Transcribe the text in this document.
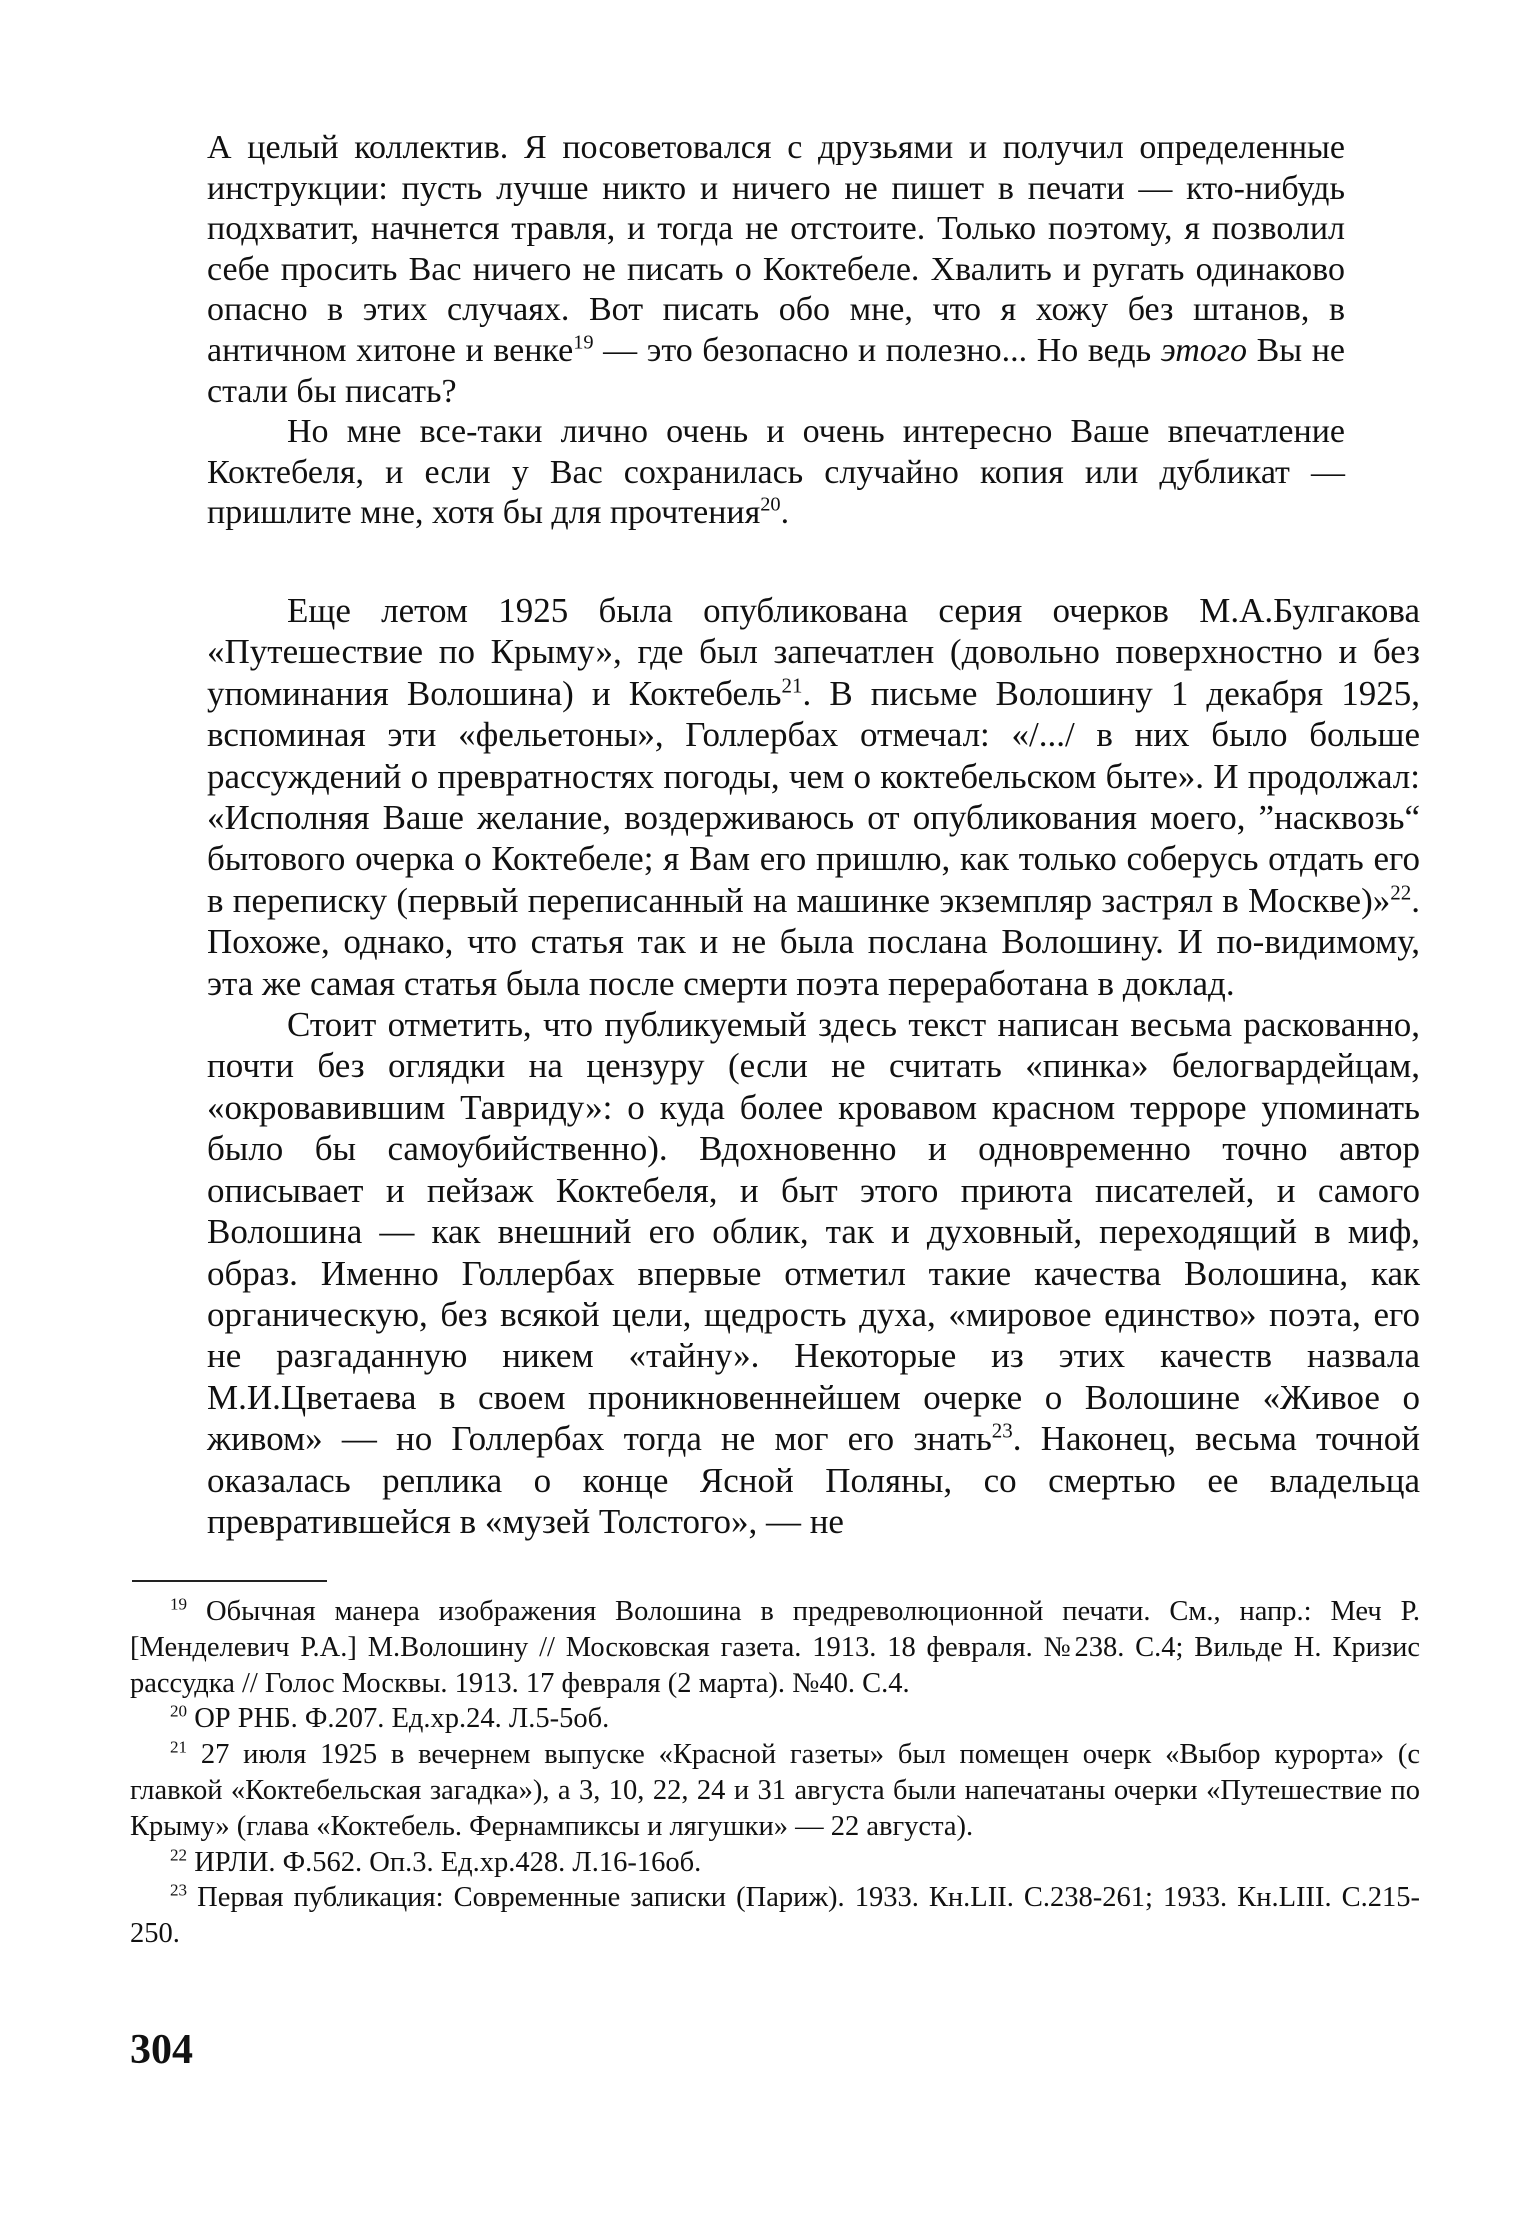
А целый коллектив. Я посоветовался с друзьями и получил определенные инструкции: пусть лучше никто и ничего не пишет в печати — кто-нибудь подхватит, начнется травля, и тогда не отстоите. Только поэтому, я позволил себе просить Вас ничего не писать о Коктебеле. Хвалить и ругать одинаково опасно в этих случаях. Вот писать обо мне, что я хожу без штанов, в античном хитоне и венке$^{19}$ — это безопасно и полезно... Но ведь этого Вы не стали бы писать?

Но мне все-таки лично очень и очень интересно Ваше впечатление Коктебеля, и если у Вас сохранилась случайно копия или дубликат — пришлите мне, хотя бы для прочтения$^{20}$.

Еще летом 1925 была опубликована серия очерков М.А.Булгакова «Путешествие по Крыму», где был запечатлен (довольно поверхностно и без упоминания Волошина) и Коктебель$^{21}$. В письме Волошину 1 декабря 1925, вспоминая эти «фельетоны», Голлербах отмечал: «/.../ в них было больше рассуждений о превратностях погоды, чем о коктебельском быте». И продолжал: «Исполняя Ваше желание, воздерживаюсь от опубликования моего, ”насквозь“ бытового очерка о Коктебеле; я Вам его пришлю, как только соберусь отдать его в переписку (первый переписанный на машинке экземпляр застрял в Москве)»$^{22}$. Похоже, однако, что статья так и не была послана Волошину. И по-видимому, эта же самая статья была после смерти поэта переработана в доклад.

Стоит отметить, что публикуемый здесь текст написан весьма раскованно, почти без оглядки на цензуру (если не считать «пинка» белогвардейцам, «окровавившим Тавриду»: о куда более кровавом красном терроре упоминать было бы самоубийственно). Вдохновенно и одновременно точно автор описывает и пейзаж Коктебеля, и быт этого приюта писателей, и самого Волошина — как внешний его облик, так и духовный, переходящий в миф, образ. Именно Голлербах впервые отметил такие качества Волошина, как органическую, без всякой цели, щедрость духа, «мировое единство» поэта, его не разгаданную никем «тайну». Некоторые из этих качеств назвала М.И.Цветаева в своем проникновеннейшем очерке о Волошине «Живое о живом» — но Голлербах тогда не мог его знать$^{23}$. Наконец, весьма точной оказалась реплика о конце Ясной Поляны, со смертью ее владельца превратившейся в «музей Толстого», — не

$^{19}$ Обычная манера изображения Волошина в предреволюционной печати. См., напр.: Меч Р. [Менделевич Р.А.] М.Волошину // Московская газета. 1913. 18 февраля. №238. С.4; Вильде Н. Кризис рассудка // Голос Москвы. 1913. 17 февраля (2 марта). №40. С.4.

$^{20}$ ОР РНБ. Ф.207. Ед.хр.24. Л.5-5об.

$^{21}$ 27 июля 1925 в вечернем выпуске «Красной газеты» был помещен очерк «Выбор курорта» (с главкой «Коктебельская загадка»), а 3, 10, 22, 24 и 31 августа были напечатаны очерки «Путешествие по Крыму» (глава «Коктебель. Фернампиксы и лягушки» — 22 августа).

$^{22}$ ИРЛИ. Ф.562. Оп.3. Ед.хр.428. Л.16-16об.

$^{23}$ Первая публикация: Современные записки (Париж). 1933. Кн.LII. С.238-261; 1933. Кн.LIII. С.215-250.

304
